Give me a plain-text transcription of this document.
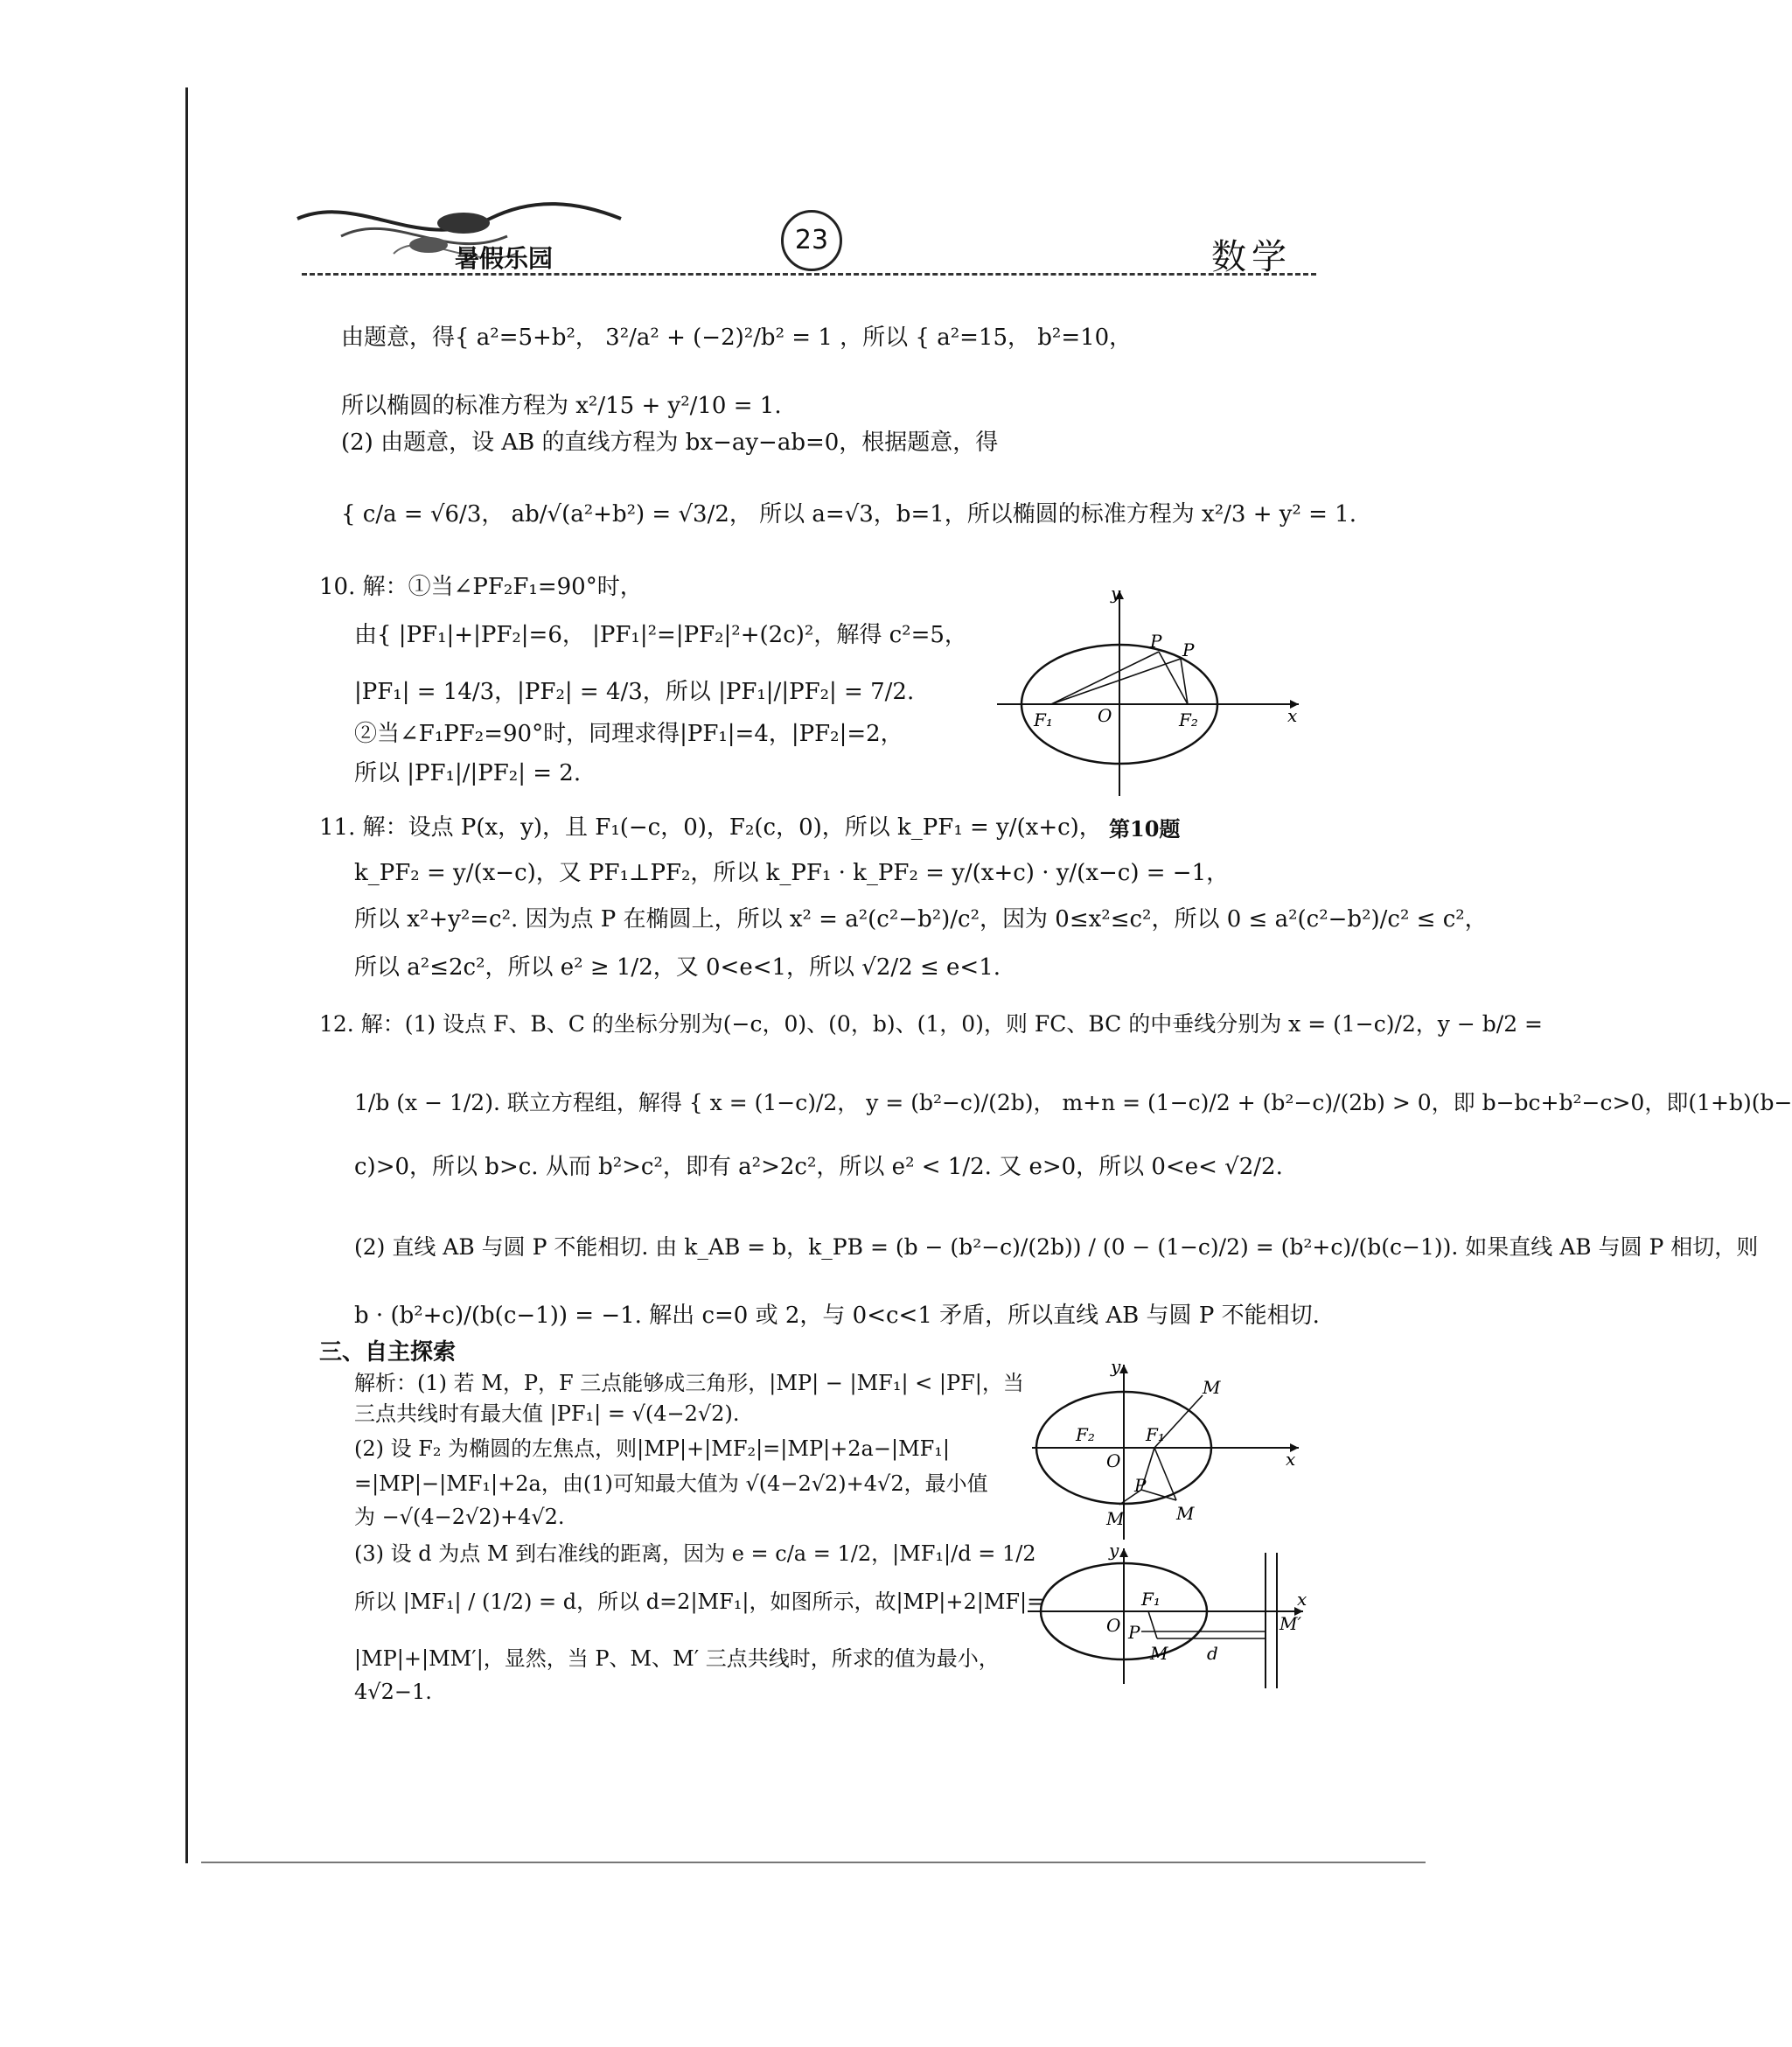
暑假乐园
23	数学
由题意，得{ a²=5+b²， 3²/a² + (−2)²/b² = 1 ，所以 { a²=15， b²=10，
所以椭圆的标准方程为 x²/15 + y²/10 = 1.
(2) 由题意，设 AB 的直线方程为 bx−ay−ab=0，根据题意，得
{ c/a = √6/3， ab/√(a²+b²) = √3/2， 所以 a=√3，b=1，所以椭圆的标准方程为 x²/3 + y² = 1.
10. 解：①当∠PF₂F₁=90°时，
由{ |PF₁|+|PF₂|=6， |PF₁|²=|PF₂|²+(2c)²，解得 c²=5，
|PF₁| = 14/3，|PF₂| = 4/3，所以 |PF₁|/|PF₂| = 7/2.
②当∠F₁PF₂=90°时，同理求得|PF₁|=4，|PF₂|=2，
所以 |PF₁|/|PF₂| = 2.
11. 解：设点 P(x，y)，且 F₁(−c，0)，F₂(c，0)，所以 k_PF₁ = y/(x+c)，
k_PF₂ = y/(x−c)，又 PF₁⊥PF₂，所以 k_PF₁ · k_PF₂ = y/(x+c) · y/(x−c) = −1，
所以 x²+y²=c². 因为点 P 在椭圆上，所以 x² = a²(c²−b²)/c²，因为 0≤x²≤c²，所以 0 ≤ a²(c²−b²)/c² ≤ c²，
所以 a²≤2c²，所以 e² ≥ 1/2，又 0<e<1，所以 √2/2 ≤ e<1.
12. 解：(1) 设点 F、B、C 的坐标分别为(−c，0)、(0，b)、(1，0)，则 FC、BC 的中垂线分别为 x = (1−c)/2，y − b/2 =
1/b (x − 1/2). 联立方程组，解得 { x = (1−c)/2， y = (b²−c)/(2b)， m+n = (1−c)/2 + (b²−c)/(2b) > 0，即 b−bc+b²−c>0，即(1+b)(b−
c)>0，所以 b>c. 从而 b²>c²，即有 a²>2c²，所以 e² < 1/2. 又 e>0，所以 0<e< √2/2.
(2) 直线 AB 与圆 P 不能相切. 由 k_AB = b，k_PB = (b − (b²−c)/(2b)) / (0 − (1−c)/2) = (b²+c)/(b(c−1)). 如果直线 AB 与圆 P 相切，则
b · (b²+c)/(b(c−1)) = −1. 解出 c=0 或 2，与 0<c<1 矛盾，所以直线 AB 与圆 P 不能相切.
三、自主探索
解析：(1) 若 M，P，F 三点能够成三角形，|MP| − |MF₁| < |PF|，当
三点共线时有最大值 |PF₁| = √(4−2√2).
(2) 设 F₂ 为椭圆的左焦点，则|MP|+|MF₂|=|MP|+2a−|MF₁|
=|MP|−|MF₁|+2a，由(1)可知最大值为 √(4−2√2)+4√2，最小值
为 −√(4−2√2)+4√2.
(3) 设 d 为点 M 到右准线的距离，因为 e = c/a = 1/2，|MF₁|/d = 1/2
所以 |MF₁| / (1/2) = d，所以 d=2|MF₁|，如图所示，故|MP|+2|MF|=
|MP|+|MM′|，显然，当 P、M、M′ 三点共线时，所求的值为最小，
4√2−1.
y
x
O
F₁	F₂
P P
第10题
y
x
O
F₁
F₂
P
M
M	M
y
x
O
F₁
P
M
M′
d
